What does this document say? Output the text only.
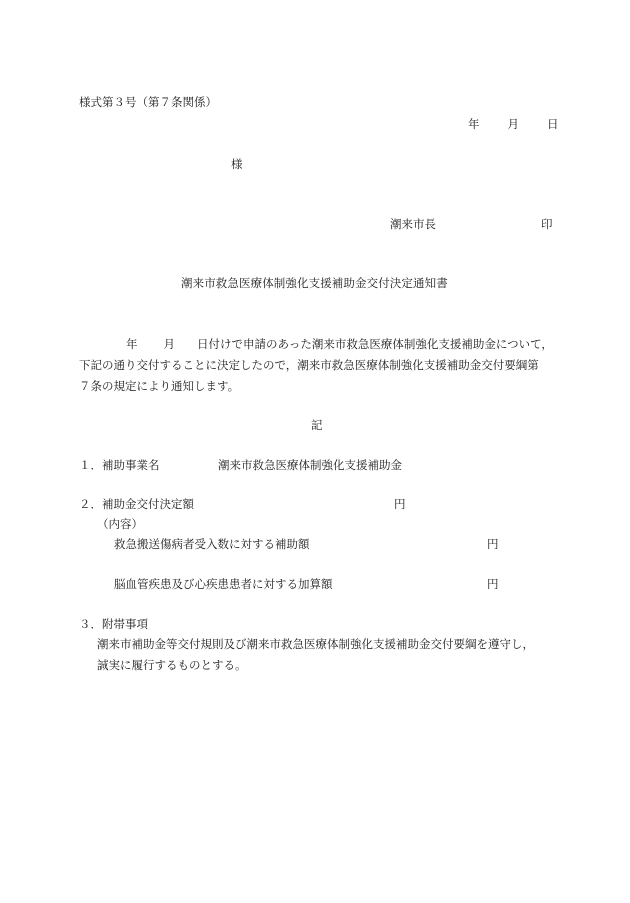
様式第３号（第７条関係）
年 月 日
様
潮来市長	印
潮来市救急医療体制強化支援補助金交付決定通知書
年 月 日付けで申請のあった潮来市救急医療体制強化支援補助金について，
下記の通り交付することに決定したので，潮来市救急医療体制強化支援補助金交付要綱第
７条の規定により通知します。
記
１．補助事業名	潮来市救急医療体制強化支援補助金
２．補助金交付決定額	円
（内容）
救急搬送傷病者受入数に対する補助額	円
脳血管疾患及び心疾患患者に対する加算額	円
３．附帯事項
潮来市補助金等交付規則及び潮来市救急医療体制強化支援補助金交付要綱を遵守し，
誠実に履行するものとする。
